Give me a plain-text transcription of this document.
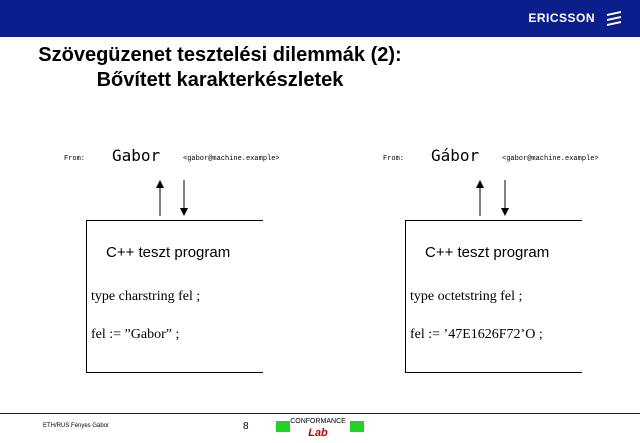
ERICSSON
Szövegüzenet tesztelési dilemmák (2):
Bővített karakterkészletek
From: Gabor	<gabor@machine.example>
C++ teszt program
type charstring fel ;
fel := ”Gabor” ;
From: Gábor	<gabor@machine.example>
C++ teszt program
type octetstring fel ;
fel := ’47E1626F72’O ;
ETH/RUS Fényes Gábor	8	CONFORMANCE
Lab
